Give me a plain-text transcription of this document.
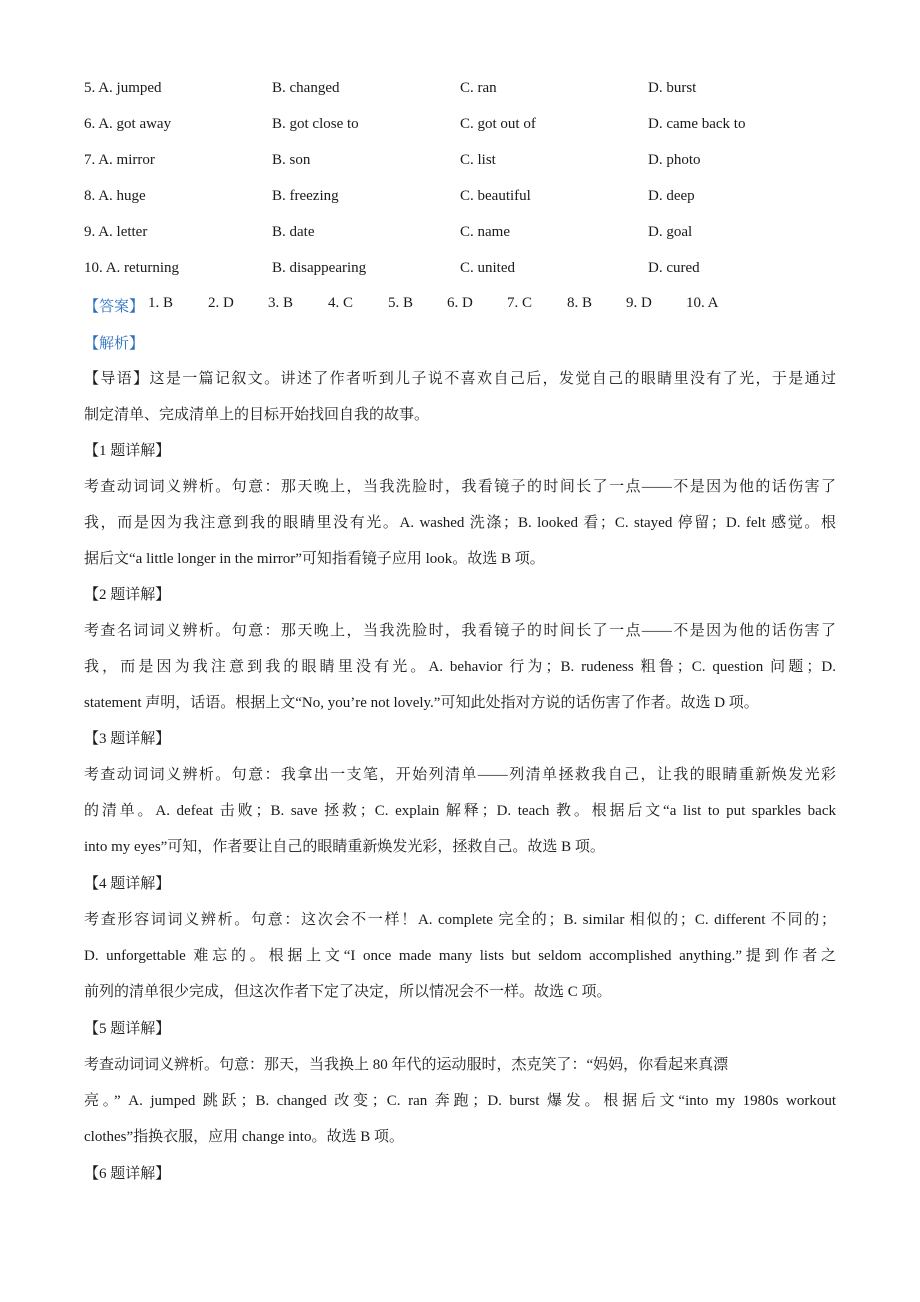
5. A. jumped	B. changed	C. ran	D. burst
6. A. got away	B. got close to	C. got out of	D. came back to
7. A. mirror	B. son	C. list	D. photo
8. A. huge	B. freezing	C. beautiful	D. deep
9. A. letter	B. date	C. name	D. goal
10. A. returning	B. disappearing	C. united	D. cured
【答案】 1. B 2. D 3. B 4. C 5. B 6. D 7. C 8. B 9. D 10. A
【解析】
【导语】这是一篇记叙文。讲述了作者听到儿子说不喜欢自己后，发觉自己的眼睛里没有了光，于是通过
制定清单、完成清单上的目标开始找回自我的故事。
【1 题详解】
考查动词词义辨析。句意：那天晚上，当我洗脸时，我看镜子的时间长了一点——不是因为他的话伤害了
我，而是因为我注意到我的眼睛里没有光。A. washed 洗涤；B. looked 看；C. stayed 停留；D. felt 感觉。根
据后文“a little longer in the mirror”可知指看镜子应用 look。故选 B 项。
【2 题详解】
考查名词词义辨析。句意：那天晚上，当我洗脸时，我看镜子的时间长了一点——不是因为他的话伤害了
我，而是因为我注意到我的眼睛里没有光。A. behavior 行为；B. rudeness 粗鲁；C. question 问题；D.
statement 声明，话语。根据上文“No, you’re not lovely.”可知此处指对方说的话伤害了作者。故选 D 项。
【3 题详解】
考查动词词义辨析。句意：我拿出一支笔，开始列清单——列清单拯救我自己，让我的眼睛重新焕发光彩
的清单。A. defeat 击败；B. save 拯救；C. explain 解释；D. teach 教。根据后文“a list to put sparkles back
into my eyes”可知，作者要让自己的眼睛重新焕发光彩，拯救自己。故选 B 项。
【4 题详解】
考查形容词词义辨析。句意：这次会不一样！A. complete 完全的；B. similar 相似的；C. different 不同的；
D. unforgettable 难忘的。根据上文“I once made many lists but seldom accomplished anything.”提到作者之
前列的清单很少完成，但这次作者下定了决定，所以情况会不一样。故选 C 项。
【5 题详解】
考查动词词义辨析。句意：那天，当我换上 80 年代的运动服时，杰克笑了：“妈妈，你看起来真漂
亮。” A. jumped 跳跃；B. changed 改变；C. ran 奔跑；D. burst 爆发。根据后文“into my 1980s workout
clothes”指换衣服，应用 change into。故选 B 项。
【6 题详解】
